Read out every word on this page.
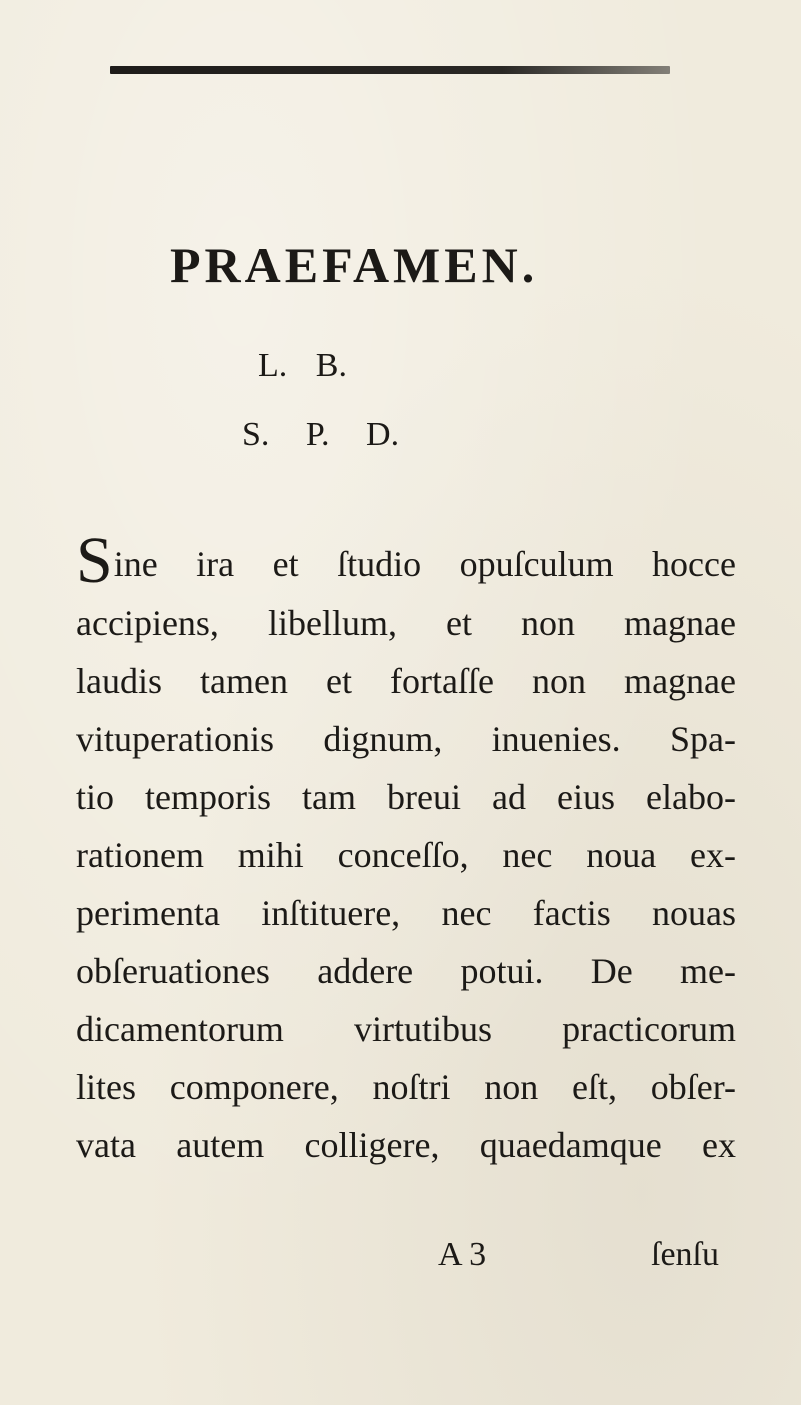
PRAEFAMEN.
L. B.
S. P. D.
Sine ira et ſtudio opuſculum hocce
accipiens, libellum, et non magnae
laudis tamen et fortaſſe non magnae
vituperationis dignum, inuenies. Spa-
tio temporis tam breui ad eius elabo-
rationem mihi conceſſo, nec noua ex-
perimenta inſtituere, nec factis nouas
obſeruationes addere potui. De me-
dicamentorum virtutibus practicorum
lites componere, noſtri non eſt, obſer-
vata autem colligere, quaedamque ex
A 3	ſenſu
